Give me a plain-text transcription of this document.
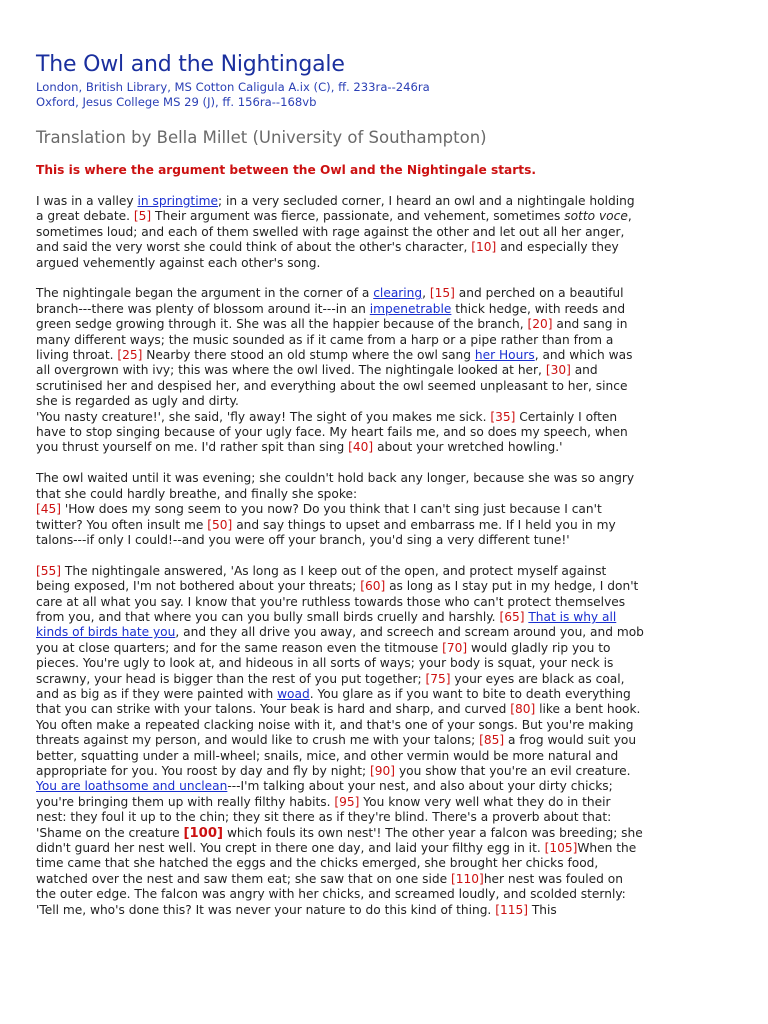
The Owl and the Nightingale
London, British Library, MS Cotton Caligula A.ix (C), ff. 233ra--246ra
Oxford, Jesus College MS 29 (J), ff. 156ra--168vb
Translation by Bella Millet (University of Southampton)
This is where the argument between the Owl and the Nightingale starts.

I was in a valley in springtime; in a very secluded corner, I heard an owl and a nightingale holding a great debate. [5] Their argument was fierce, passionate, and vehement, sometimes sotto voce, sometimes loud; and each of them swelled with rage against the other and let out all her anger, and said the very worst she could think of about the other's character, [10] and especially they argued vehemently against each other's song.

The nightingale began the argument in the corner of a clearing, [15] and perched on a beautiful branch---there was plenty of blossom around it---in an impenetrable thick hedge, with reeds and green sedge growing through it. She was all the happier because of the branch, [20] and sang in many different ways; the music sounded as if it came from a harp or a pipe rather than from a living throat. [25] Nearby there stood an old stump where the owl sang her Hours, and which was all overgrown with ivy; this was where the owl lived. The nightingale looked at her, [30] and scrutinised her and despised her, and everything about the owl seemed unpleasant to her, since she is regarded as ugly and dirty.
'You nasty creature!', she said, 'fly away! The sight of you makes me sick. [35] Certainly I often have to stop singing because of your ugly face. My heart fails me, and so does my speech, when you thrust yourself on me. I'd rather spit than sing [40] about your wretched howling.'

The owl waited until it was evening; she couldn't hold back any longer, because she was so angry that she could hardly breathe, and finally she spoke:
[45] 'How does my song seem to you now? Do you think that I can't sing just because I can't twitter? You often insult me [50] and say things to upset and embarrass me. If I held you in my talons---if only I could!--and you were off your branch, you'd sing a very different tune!'

[55] The nightingale answered, 'As long as I keep out of the open, and protect myself against being exposed, I'm not bothered about your threats; [60] as long as I stay put in my hedge, I don't care at all what you say. I know that you're ruthless towards those who can't protect themselves from you, and that where you can you bully small birds cruelly and harshly. [65] That is why all kinds of birds hate you, and they all drive you away, and screech and scream around you, and mob you at close quarters; and for the same reason even the titmouse [70] would gladly rip you to pieces. You're ugly to look at, and hideous in all sorts of ways; your body is squat, your neck is scrawny, your head is bigger than the rest of you put together; [75] your eyes are black as coal, and as big as if they were painted with woad. You glare as if you want to bite to death everything that you can strike with your talons. Your beak is hard and sharp, and curved [80] like a bent hook. You often make a repeated clacking noise with it, and that's one of your songs. But you're making threats against my person, and would like to crush me with your talons; [85] a frog would suit you better, squatting under a mill-wheel; snails, mice, and other vermin would be more natural and appropriate for you. You roost by day and fly by night; [90] you show that you're an evil creature. You are loathsome and unclean---I'm talking about your nest, and also about your dirty chicks; you're bringing them up with really filthy habits. [95] You know very well what they do in their nest: they foul it up to the chin; they sit there as if they're blind. There's a proverb about that: 'Shame on the creature [100] which fouls its own nest'! The other year a falcon was breeding; she didn't guard her nest well. You crept in there one day, and laid your filthy egg in it. [105]When the time came that she hatched the eggs and the chicks emerged, she brought her chicks food, watched over the nest and saw them eat; she saw that on one side [110]her nest was fouled on the outer edge. The falcon was angry with her chicks, and screamed loudly, and scolded sternly: 'Tell me, who's done this? It was never your nature to do this kind of thing. [115] This
